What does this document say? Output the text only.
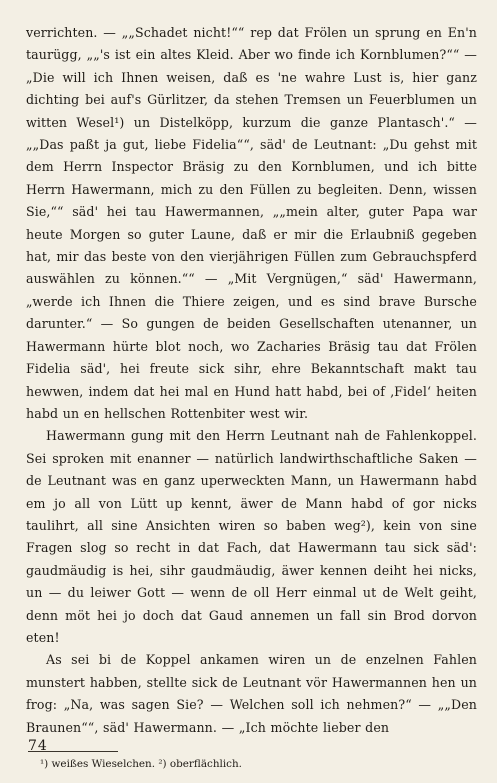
verrichten. — „„Schadet nicht!““ rep dat Frölen un sprung en En'n taurügg, „„'s ist ein altes Kleid. Aber wo finde ich Kornblumen?““ — „Die will ich Ihnen weisen, daß es 'ne wahre Lust is, hier ganz dichting bei auf's Gürlitzer, da stehen Tremsen un Feuerblumen un witten Wesel¹) un Distelköpp, kurzum die ganze Plantasch'.“ — „„Das paßt ja gut, liebe Fidelia““, säd' de Leutnant: „Du gehst mit dem Herrn Inspector Bräsig zu den Kornblumen, und ich bitte Herrn Hawermann, mich zu den Füllen zu begleiten. Denn, wissen Sie,““ säd' hei tau Hawermannen, „„mein alter, guter Papa war heute Morgen so guter Laune, daß er mir die Erlaubniß gegeben hat, mir das beste von den vierjährigen Füllen zum Gebrauchspferd auswählen zu können.““ — „Mit Vergnügen,“ säd' Hawermann, „werde ich Ihnen die Thiere zeigen, und es sind brave Bursche darunter.“ — So gungen de beiden Gesellschaften utenanner, un Hawermann hürte blot noch, wo Zacharies Bräsig tau dat Frölen Fidelia säd', hei freute sick sihr, ehre Bekanntschaft makt tau hewwen, indem dat hei mal en Hund hatt habd, bei of ‚Fidel‘ heiten habd un en hellschen Rottenbiter west wir.

Hawermann gung mit den Herrn Leutnant nah de Fahlenkoppel. Sei sproken mit enanner — natürlich landwirthschaftliche Saken — de Leutnant was en ganz uperweckten Mann, un Hawermann habd em jo all von Lütt up kennt, äwer de Mann habd of gor nicks taulihrt, all sine Ansichten wiren so baben weg²), kein von sine Fragen slog so recht in dat Fach, dat Hawermann tau sick säd': gaudmäudig is hei, sihr gaudmäudig, äwer kennen deiht hei nicks, un — du leiwer Gott — wenn de oll Herr einmal ut de Welt geiht, denn möt hei jo doch dat Gaud annemen un fall sin Brod dorvon eten!

As sei bi de Koppel ankamen wiren un de enzelnen Fahlen munstert habben, stellte sick de Leutnant vör Hawermannen hen un frog: „Na, was sagen Sie? — Welchen soll ich nehmen?“ — „„Den Braunen““, säd' Hawermann. — „Ich möchte lieber den

¹) weißes Wieselchen. ²) oberflächlich.
74
